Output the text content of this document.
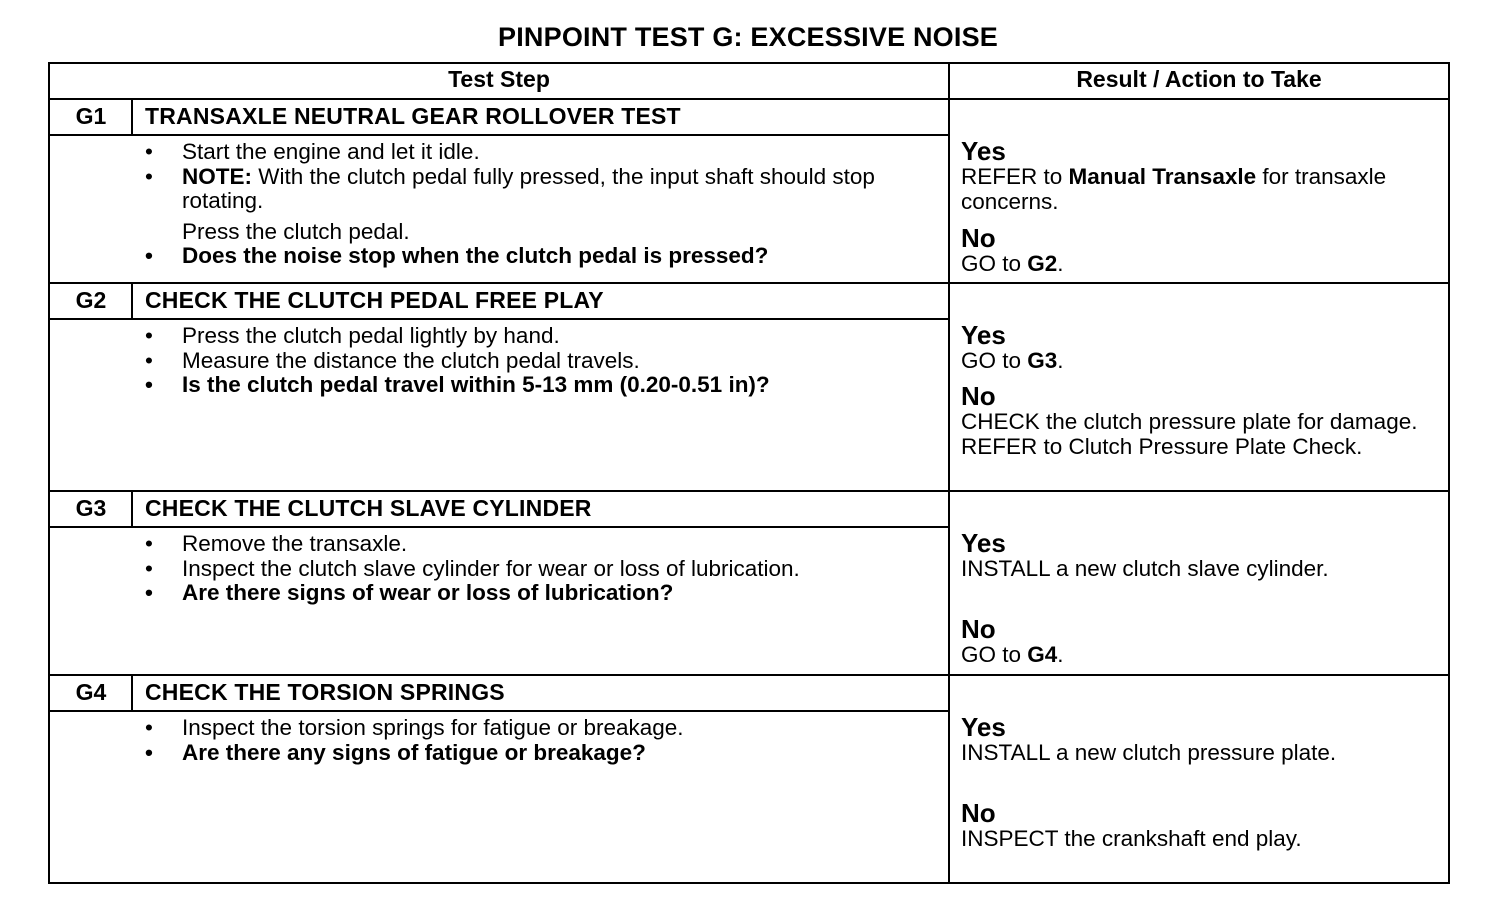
PINPOINT TEST G: EXCESSIVE NOISE
Test Step	Result / Action to Take
G1	TRANSAXLE NEUTRAL GEAR ROLLOVER TEST
• Start the engine and let it idle.
• NOTE: With the clutch pedal fully pressed, the input shaft should stop rotating.
Press the clutch pedal.
• Does the noise stop when the clutch pedal is pressed?
Yes
REFER to Manual Transaxle for transaxle concerns.
No
GO to G2.
G2	CHECK THE CLUTCH PEDAL FREE PLAY
• Press the clutch pedal lightly by hand.
• Measure the distance the clutch pedal travels.
• Is the clutch pedal travel within 5-13 mm (0.20-0.51 in)?
Yes
GO to G3.
No
CHECK the clutch pressure plate for damage. REFER to Clutch Pressure Plate Check.
G3	CHECK THE CLUTCH SLAVE CYLINDER
• Remove the transaxle.
• Inspect the clutch slave cylinder for wear or loss of lubrication.
• Are there signs of wear or loss of lubrication?
Yes
INSTALL a new clutch slave cylinder.
No
GO to G4.
G4	CHECK THE TORSION SPRINGS
• Inspect the torsion springs for fatigue or breakage.
• Are there any signs of fatigue or breakage?
Yes
INSTALL a new clutch pressure plate.
No
INSPECT the crankshaft end play.
